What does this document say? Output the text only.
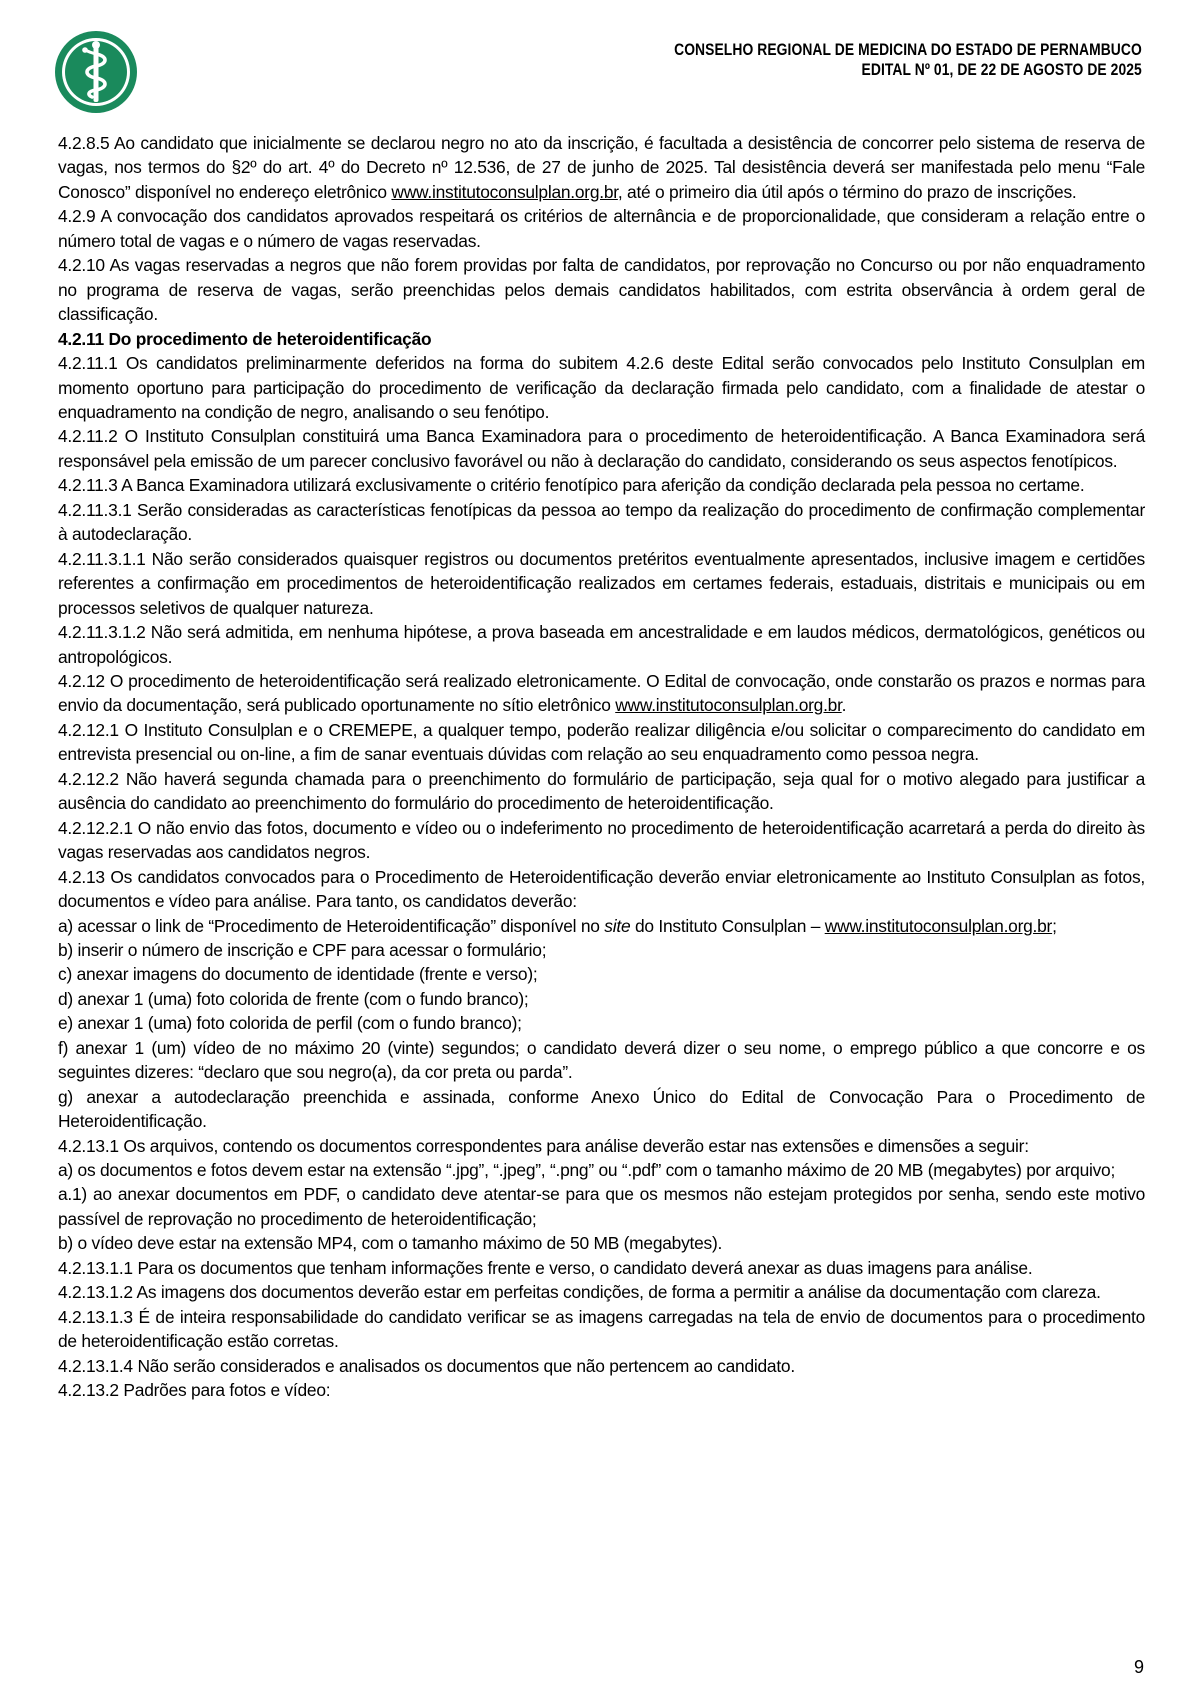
CONSELHO REGIONAL DE MEDICINA DO ESTADO DE PERNAMBUCO
EDITAL Nº 01, DE 22 DE AGOSTO DE 2025

4.2.8.5 Ao candidato que inicialmente se declarou negro no ato da inscrição, é facultada a desistência de concorrer pelo sistema de reserva de vagas, nos termos do §2º do art. 4º do Decreto nº 12.536, de 27 de junho de 2025. Tal desistência deverá ser manifestada pelo menu “Fale Conosco” disponível no endereço eletrônico www.institutoconsulplan.org.br, até o primeiro dia útil após o término do prazo de inscrições.

4.2.9 A convocação dos candidatos aprovados respeitará os critérios de alternância e de proporcionalidade, que consideram a relação entre o número total de vagas e o número de vagas reservadas.

4.2.10 As vagas reservadas a negros que não forem providas por falta de candidatos, por reprovação no Concurso ou por não enquadramento no programa de reserva de vagas, serão preenchidas pelos demais candidatos habilitados, com estrita observância à ordem geral de classificação.

4.2.11 Do procedimento de heteroidentificação

4.2.11.1 Os candidatos preliminarmente deferidos na forma do subitem 4.2.6 deste Edital serão convocados pelo Instituto Consulplan em momento oportuno para participação do procedimento de verificação da declaração firmada pelo candidato, com a finalidade de atestar o enquadramento na condição de negro, analisando o seu fenótipo.

4.2.11.2 O Instituto Consulplan constituirá uma Banca Examinadora para o procedimento de heteroidentificação. A Banca Examinadora será responsável pela emissão de um parecer conclusivo favorável ou não à declaração do candidato, considerando os seus aspectos fenotípicos.

4.2.11.3 A Banca Examinadora utilizará exclusivamente o critério fenotípico para aferição da condição declarada pela pessoa no certame.

4.2.11.3.1 Serão consideradas as características fenotípicas da pessoa ao tempo da realização do procedimento de confirmação complementar à autodeclaração.

4.2.11.3.1.1 Não serão considerados quaisquer registros ou documentos pretéritos eventualmente apresentados, inclusive imagem e certidões referentes a confirmação em procedimentos de heteroidentificação realizados em certames federais, estaduais, distritais e municipais ou em processos seletivos de qualquer natureza.

4.2.11.3.1.2 Não será admitida, em nenhuma hipótese, a prova baseada em ancestralidade e em laudos médicos, dermatológicos, genéticos ou antropológicos.

4.2.12 O procedimento de heteroidentificação será realizado eletronicamente. O Edital de convocação, onde constarão os prazos e normas para envio da documentação, será publicado oportunamente no sítio eletrônico www.institutoconsulplan.org.br.

4.2.12.1 O Instituto Consulplan e o CREMEPE, a qualquer tempo, poderão realizar diligência e/ou solicitar o comparecimento do candidato em entrevista presencial ou on-line, a fim de sanar eventuais dúvidas com relação ao seu enquadramento como pessoa negra.

4.2.12.2 Não haverá segunda chamada para o preenchimento do formulário de participação, seja qual for o motivo alegado para justificar a ausência do candidato ao preenchimento do formulário do procedimento de heteroidentificação.

4.2.12.2.1 O não envio das fotos, documento e vídeo ou o indeferimento no procedimento de heteroidentificação acarretará a perda do direito às vagas reservadas aos candidatos negros.

4.2.13 Os candidatos convocados para o Procedimento de Heteroidentificação deverão enviar eletronicamente ao Instituto Consulplan as fotos, documentos e vídeo para análise. Para tanto, os candidatos deverão:

a) acessar o link de “Procedimento de Heteroidentificação” disponível no site do Instituto Consulplan – www.institutoconsulplan.org.br;

b) inserir o número de inscrição e CPF para acessar o formulário;

c) anexar imagens do documento de identidade (frente e verso);

d) anexar 1 (uma) foto colorida de frente (com o fundo branco);

e) anexar 1 (uma) foto colorida de perfil (com o fundo branco);

f) anexar 1 (um) vídeo de no máximo 20 (vinte) segundos; o candidato deverá dizer o seu nome, o emprego público a que concorre e os seguintes dizeres: “declaro que sou negro(a), da cor preta ou parda”.

g) anexar a autodeclaração preenchida e assinada, conforme Anexo Único do Edital de Convocação Para o Procedimento de Heteroidentificação.

4.2.13.1 Os arquivos, contendo os documentos correspondentes para análise deverão estar nas extensões e dimensões a seguir:

a) os documentos e fotos devem estar na extensão “.jpg”, “.jpeg”, “.png” ou “.pdf” com o tamanho máximo de 20 MB (megabytes) por arquivo;

a.1) ao anexar documentos em PDF, o candidato deve atentar-se para que os mesmos não estejam protegidos por senha, sendo este motivo passível de reprovação no procedimento de heteroidentificação;

b) o vídeo deve estar na extensão MP4, com o tamanho máximo de 50 MB (megabytes).

4.2.13.1.1 Para os documentos que tenham informações frente e verso, o candidato deverá anexar as duas imagens para análise.

4.2.13.1.2 As imagens dos documentos deverão estar em perfeitas condições, de forma a permitir a análise da documentação com clareza.

4.2.13.1.3 É de inteira responsabilidade do candidato verificar se as imagens carregadas na tela de envio de documentos para o procedimento de heteroidentificação estão corretas.

4.2.13.1.4 Não serão considerados e analisados os documentos que não pertencem ao candidato.

4.2.13.2 Padrões para fotos e vídeo:

9
